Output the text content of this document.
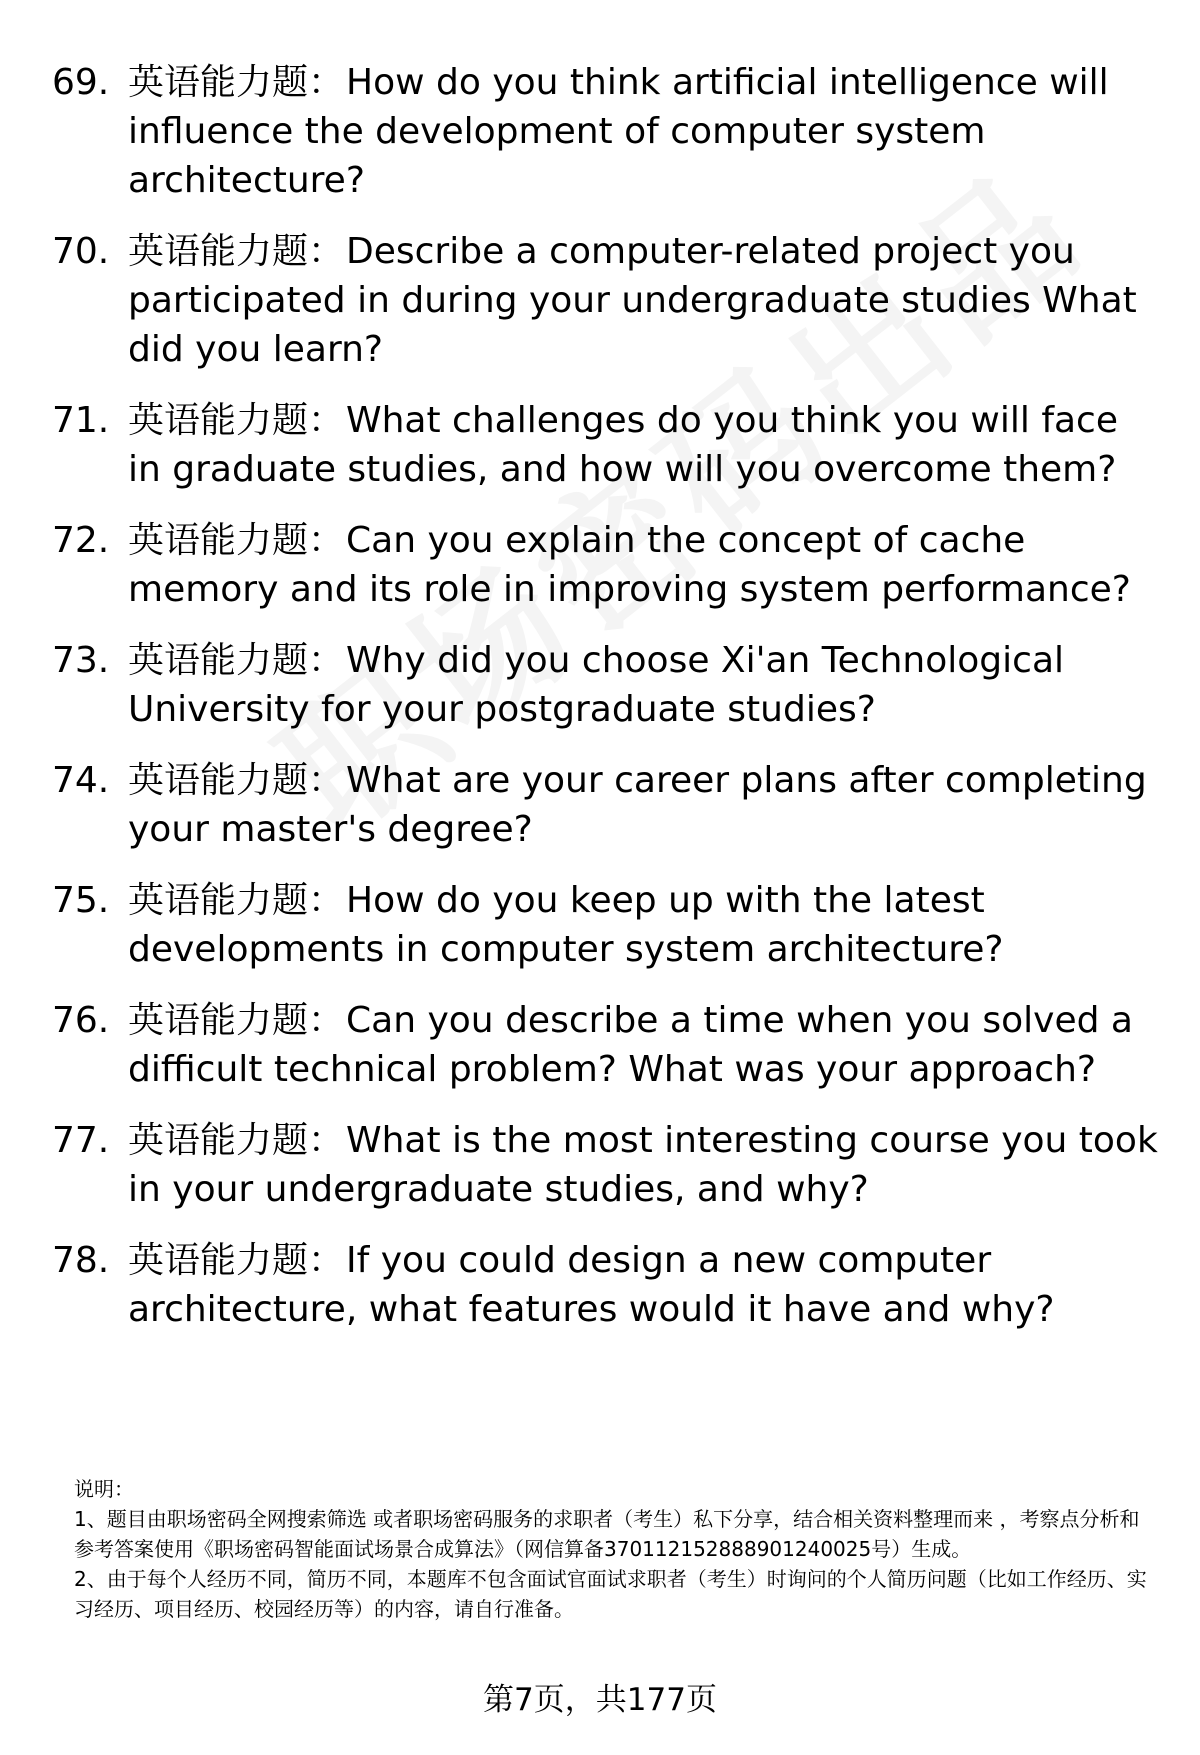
69. 英语能力题：How do you think artificial intelligence will influence the development of computer system architecture?
70. 英语能力题：Describe a computer-related project you participated in during your undergraduate studies What did you learn?
71. 英语能力题：What challenges do you think you will face in graduate studies, and how will you overcome them?
72. 英语能力题：Can you explain the concept of cache memory and its role in improving system performance?
73. 英语能力题：Why did you choose Xi'an Technological University for your postgraduate studies?
74. 英语能力题：What are your career plans after completing your master's degree?
75. 英语能力题：How do you keep up with the latest developments in computer system architecture?
76. 英语能力题：Can you describe a time when you solved a difficult technical problem? What was your approach?
77. 英语能力题：What is the most interesting course you took in your undergraduate studies, and why?
78. 英语能力题：If you could design a new computer architecture, what features would it have and why?

说明：

1、题目由职场密码全网搜索筛选 或者职场密码服务的求职者（考生）私下分享，结合相关资料整理而来 ，考察点分析和参考答案使用《职场密码智能面试场景合成算法》（网信算备370112152888901240025号）生成。

2、由于每个人经历不同，简历不同，本题库不包含面试官面试求职者（考生）时询问的个人简历问题（比如工作经历、实习经历、项目经历、校园经历等）的内容，请自行准备。

第7页，共177页
